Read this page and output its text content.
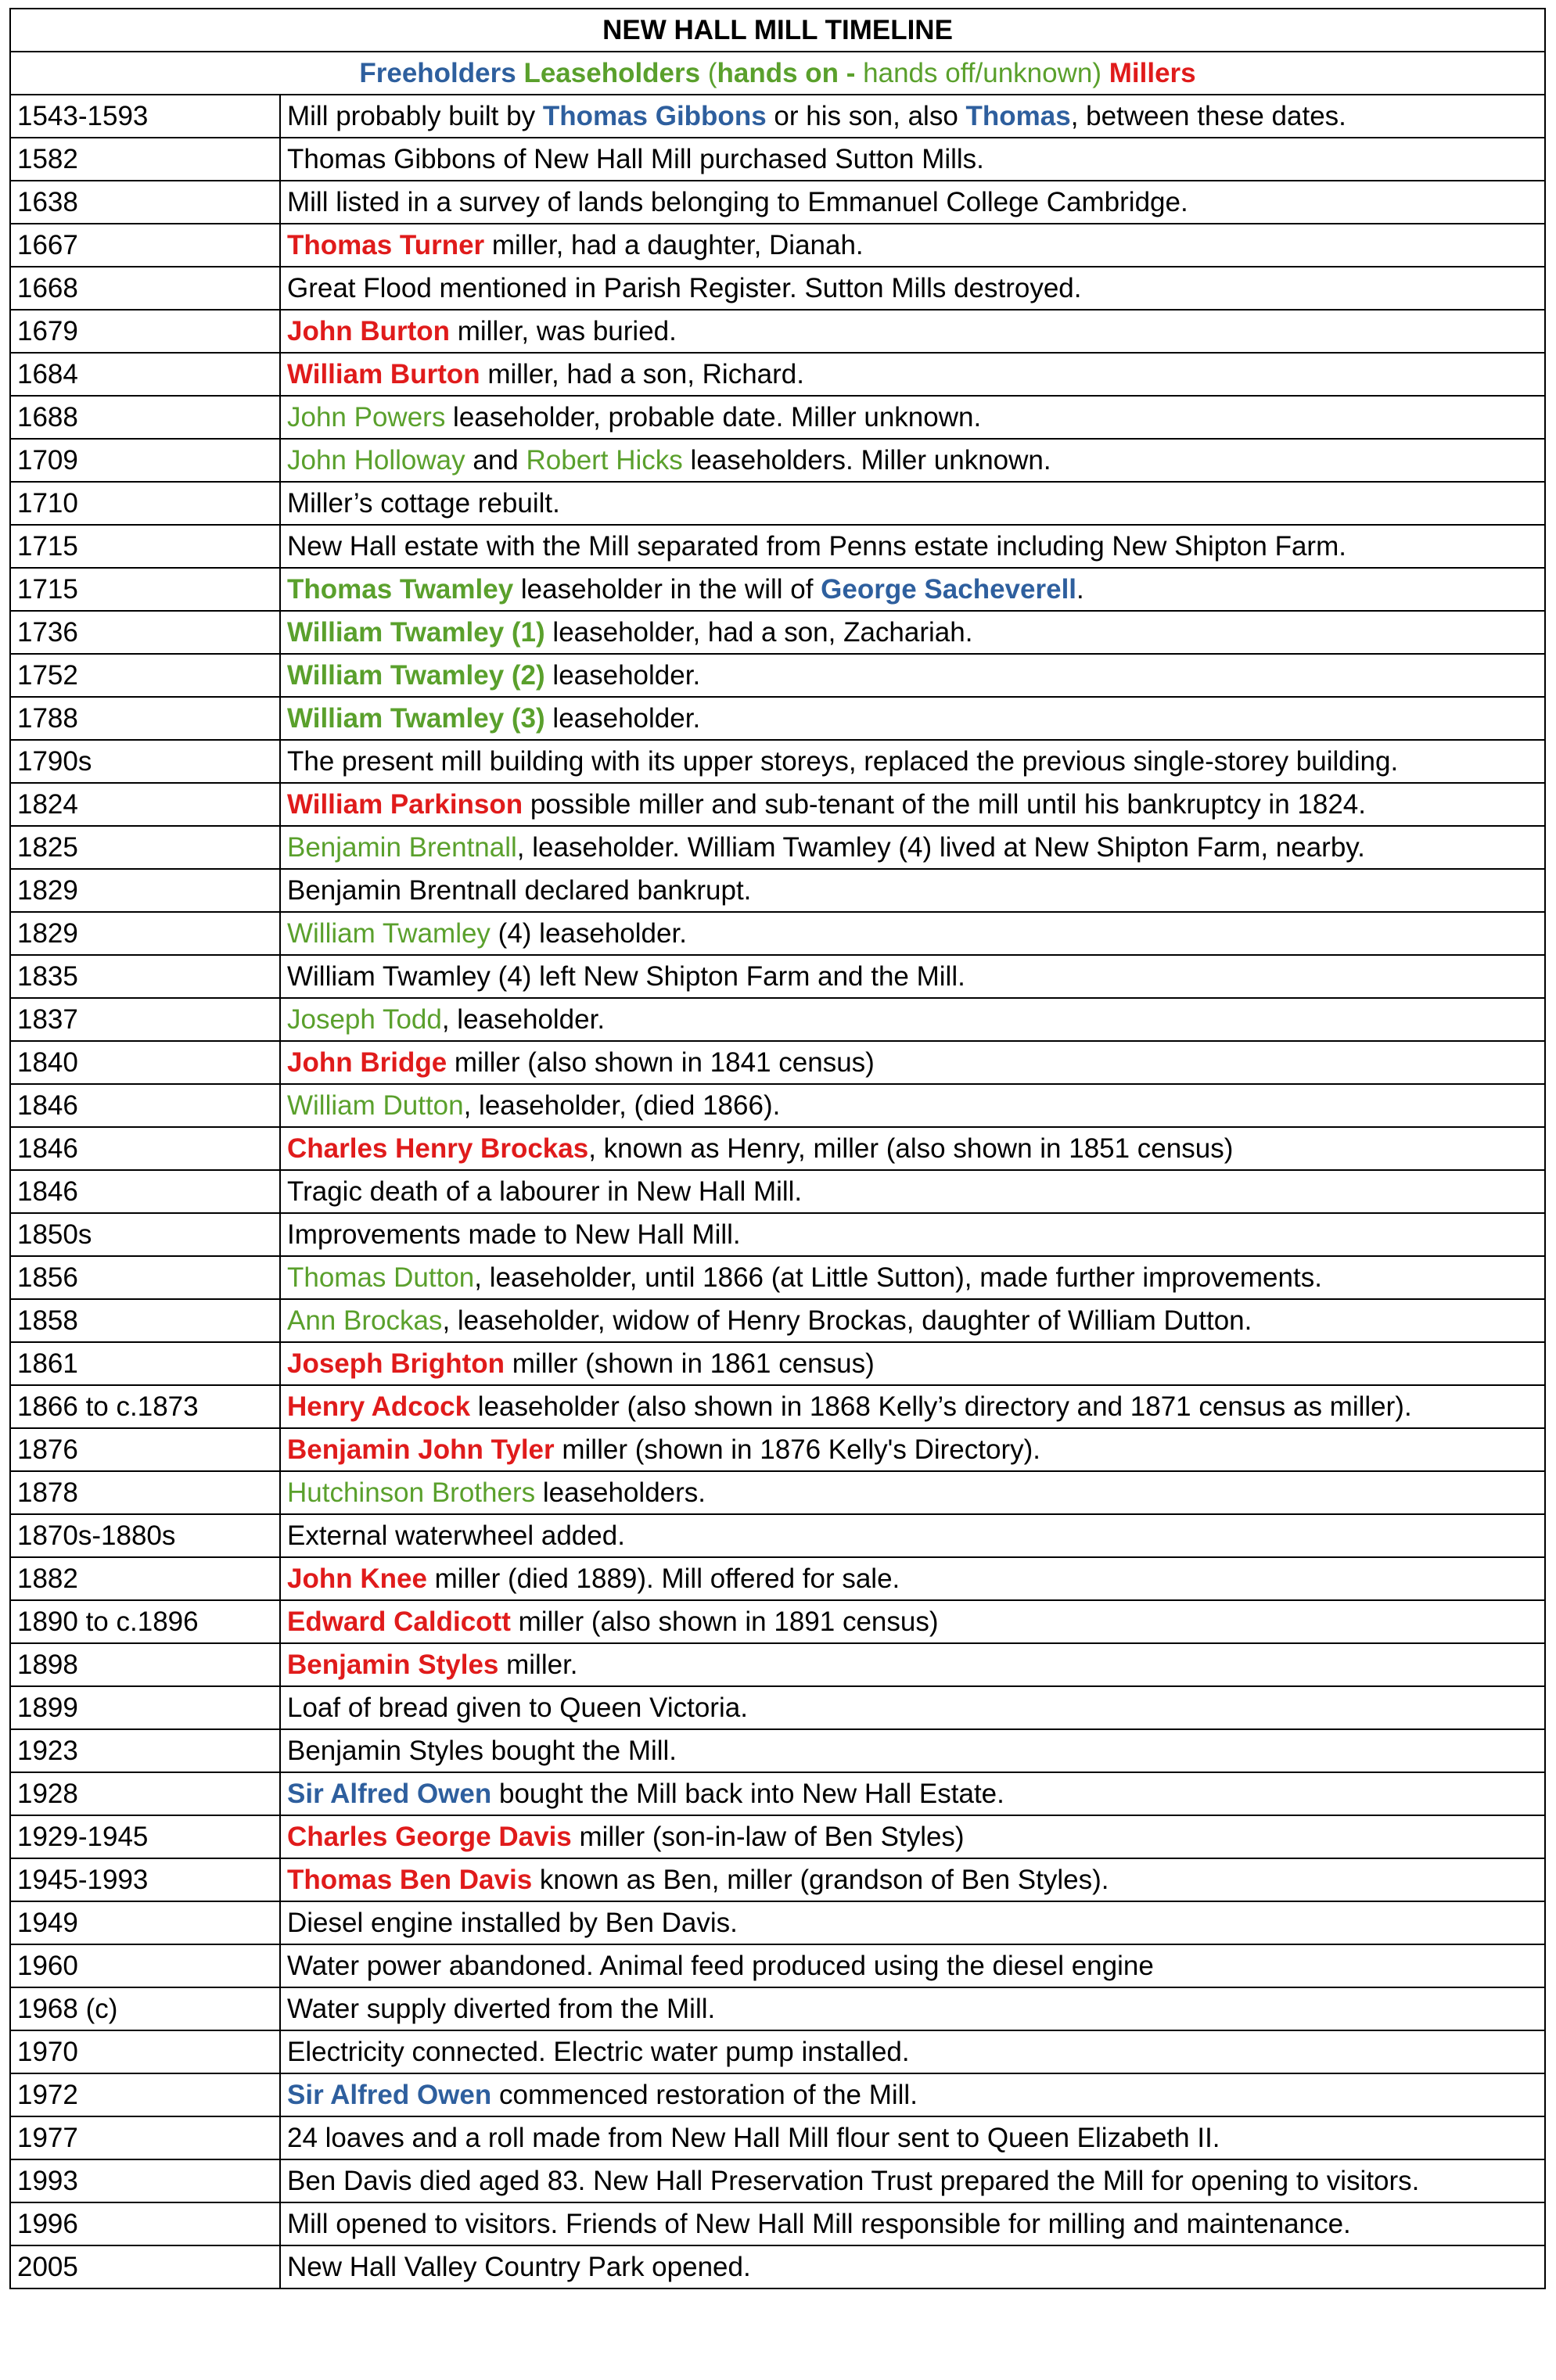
NEW HALL MILL TIMELINE	
Freeholders Leaseholders (hands on - hands off/unknown) Millers	
1543-1593	Mill probably built by Thomas Gibbons or his son, also Thomas, between these dates.
1582	Thomas Gibbons of New Hall Mill purchased Sutton Mills.
1638	Mill listed in a survey of lands belonging to Emmanuel College Cambridge.
1667	Thomas Turner miller, had a daughter, Dianah.
1668	Great Flood mentioned in Parish Register. Sutton Mills destroyed.
1679	John Burton miller, was buried.
1684	William Burton miller, had a son, Richard.
1688	John Powers leaseholder, probable date. Miller unknown.
1709	John Holloway and Robert Hicks leaseholders. Miller unknown.
1710	Miller’s cottage rebuilt.
1715	New Hall estate with the Mill separated from Penns estate including New Shipton Farm.
1715	Thomas Twamley leaseholder in the will of George Sacheverell.
1736	William Twamley (1) leaseholder, had a son, Zachariah.
1752	William Twamley (2) leaseholder.
1788	William Twamley (3) leaseholder.
1790s	The present mill building with its upper storeys, replaced the previous single-storey building.
1824	William Parkinson possible miller and sub-tenant of the mill until his bankruptcy in 1824.
1825	Benjamin Brentnall, leaseholder. William Twamley (4) lived at New Shipton Farm, nearby.
1829	Benjamin Brentnall declared bankrupt.
1829	William Twamley (4) leaseholder.
1835	William Twamley (4) left New Shipton Farm and the Mill.
1837	Joseph Todd, leaseholder.
1840	John Bridge miller (also shown in 1841 census)
1846	William Dutton, leaseholder, (died 1866).
1846	Charles Henry Brockas, known as Henry, miller (also shown in 1851 census)
1846	Tragic death of a labourer in New Hall Mill.
1850s	Improvements made to New Hall Mill.
1856	Thomas Dutton, leaseholder, until 1866 (at Little Sutton), made further improvements.
1858	Ann Brockas, leaseholder, widow of Henry Brockas, daughter of William Dutton.
1861	Joseph Brighton miller (shown in 1861 census)
1866 to c.1873	Henry Adcock leaseholder (also shown in 1868 Kelly’s directory and 1871 census as miller).
1876	Benjamin John Tyler miller (shown in 1876 Kelly's Directory).
1878	Hutchinson Brothers leaseholders.
1870s-1880s	External waterwheel added.
1882	John Knee miller (died 1889). Mill offered for sale.
1890 to c.1896	Edward Caldicott miller (also shown in 1891 census)
1898	Benjamin Styles miller.
1899	Loaf of bread given to Queen Victoria.
1923	Benjamin Styles bought the Mill.
1928	Sir Alfred Owen bought the Mill back into New Hall Estate.
1929-1945	Charles George Davis miller (son-in-law of Ben Styles)
1945-1993	Thomas Ben Davis known as Ben, miller (grandson of Ben Styles).
1949	Diesel engine installed by Ben Davis.
1960	Water power abandoned. Animal feed produced using the diesel engine
1968 (c)	Water supply diverted from the Mill.
1970	Electricity connected. Electric water pump installed.
1972	Sir Alfred Owen commenced restoration of the Mill.
1977	24 loaves and a roll made from New Hall Mill flour sent to Queen Elizabeth II.
1993	Ben Davis died aged 83. New Hall Preservation Trust prepared the Mill for opening to visitors.
1996	Mill opened to visitors. Friends of New Hall Mill responsible for milling and maintenance.
2005	New Hall Valley Country Park opened.
